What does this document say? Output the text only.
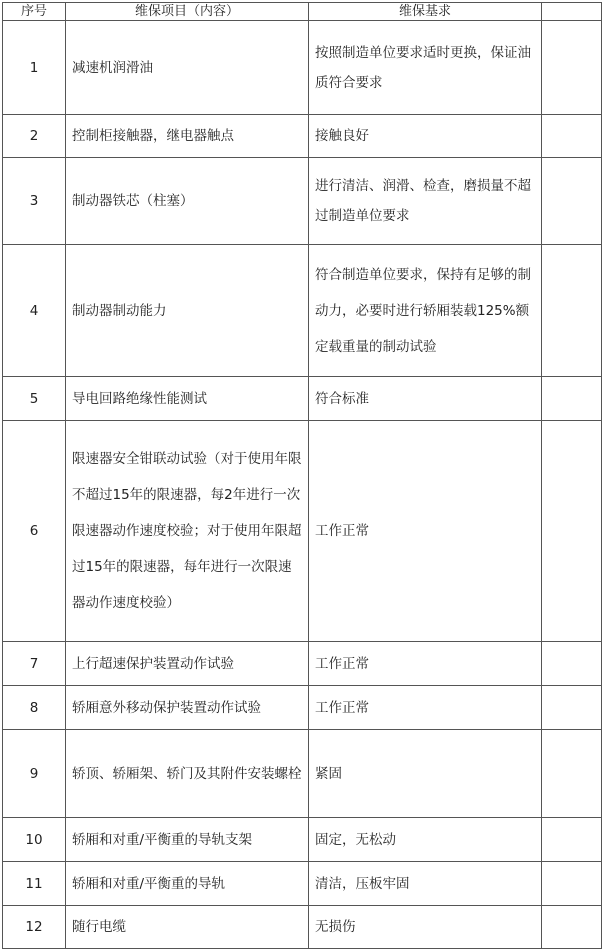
序号	维保项目（内容）	维保基求	
1	减速机润滑油	按照制造单位要求适时更换，保证油质符合要求	
2	控制柜接触器，继电器触点	接触良好	
3	制动器铁芯（柱塞）	进行清洁、润滑、检查，磨损量不超过制造单位要求	
4	制动器制动能力	符合制造单位要求，保持有足够的制动力，必要时进行轿厢装载125%额定载重量的制动试验	
5	导电回路绝缘性能测试	符合标准	
6	限速器安全钳联动试验（对于使用年限不超过15年的限速器，每2年进行一次限速器动作速度校验；对于使用年限超过15年的限速器，每年进行一次限速器动作速度校验）	工作正常	
7	上行超速保护装置动作试验	工作正常	
8	轿厢意外移动保护装置动作试验	工作正常	
9	轿顶、轿厢架、轿门及其附件安装螺栓	紧固	
10	轿厢和对重/平衡重的导轨支架	固定，无松动	
11	轿厢和对重/平衡重的导轨	清洁，压板牢固	
12	随行电缆	无损伤	
